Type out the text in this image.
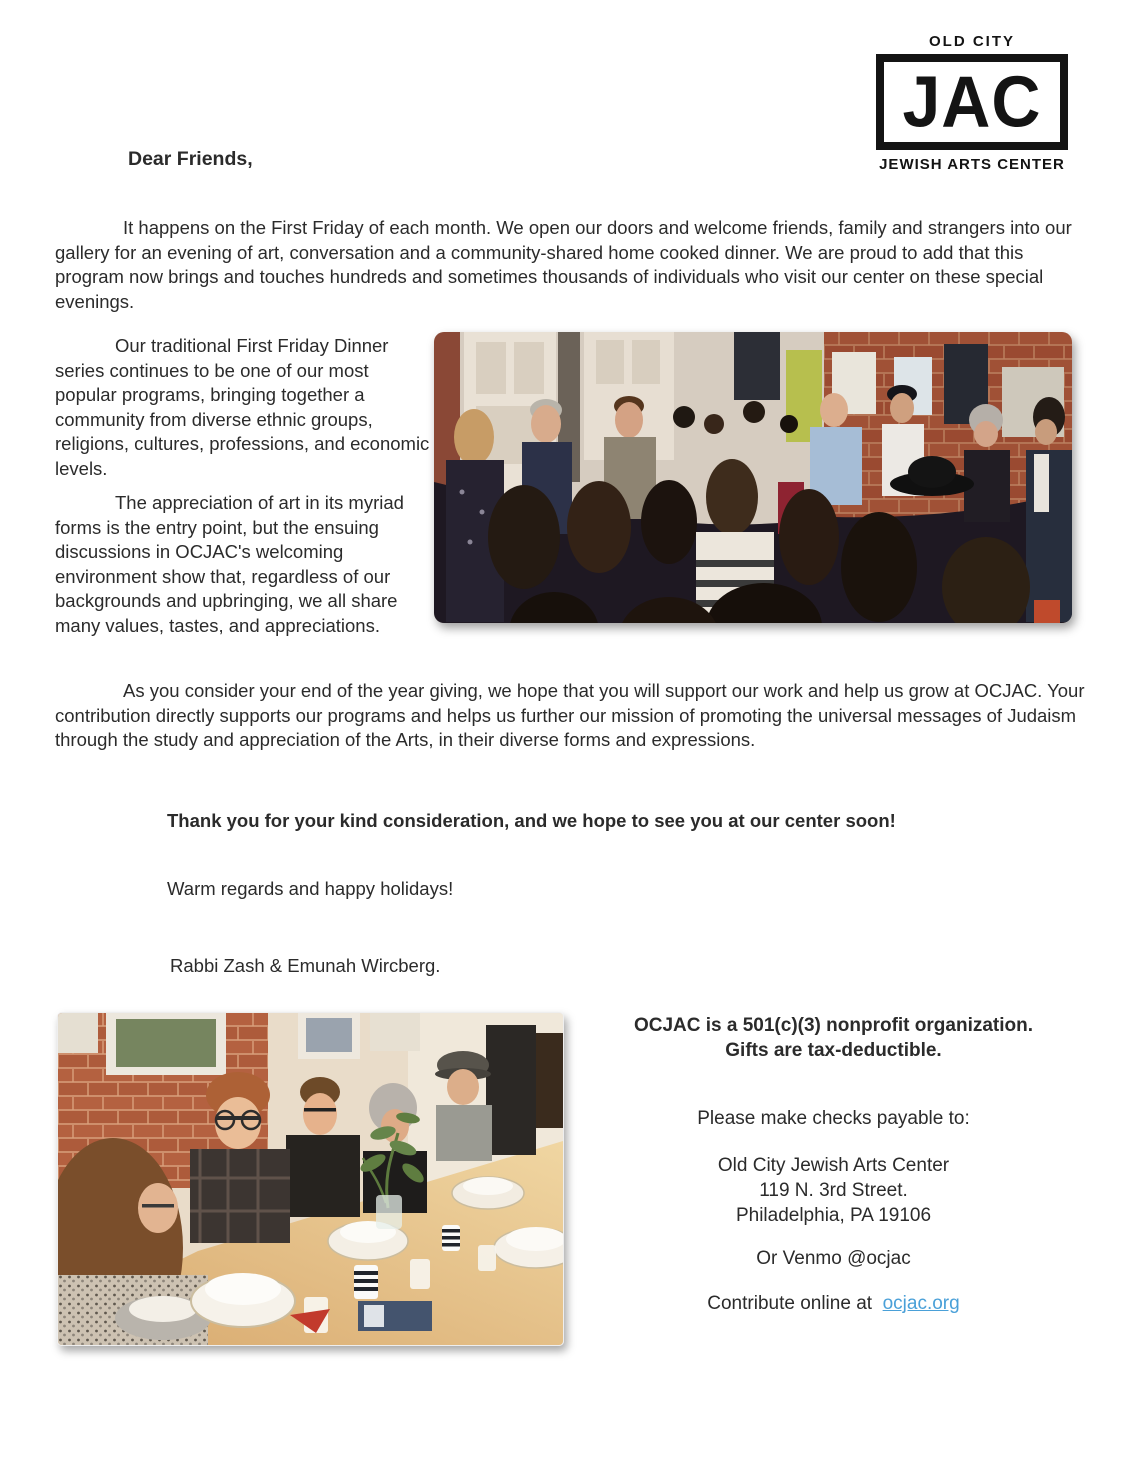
OLD CITY
JAC
JEWISH ARTS CENTER
Dear Friends,

It happens on the First Friday of each month. We open our doors and welcome friends, family and strangers into our gallery for an evening of art, conversation and a community-shared home cooked dinner. We are proud to add that this program now brings and touches hundreds and sometimes thousands of individuals who visit our center on these special evenings.

Our traditional First Friday Dinner series continues to be one of our most popular programs, bringing together a community from diverse ethnic groups, religions, cultures, professions, and economic levels.

The appreciation of art in its myriad forms is the entry point, but the ensuing discussions in OCJAC's welcoming environment show that, regardless of our backgrounds and upbringing, we all share many values, tastes, and appreciations.

As you consider your end of the year giving, we hope that you will support our work and help us grow at OCJAC. Your contribution directly supports our programs and helps us further our mission of promoting the universal messages of Judaism through the study and appreciation of the Arts, in their diverse forms and expressions.

Thank you for your kind consideration, and we hope to see you at our center soon!

Warm regards and happy holidays!

Rabbi Zash & Emunah Wircberg.

OCJAC is a 501(c)(3) nonprofit organization.
Gifts are tax-deductible.
Please make checks payable to:
Old City Jewish Arts Center
119 N. 3rd Street.
Philadelphia, PA 19106
Or Venmo @ocjac
Contribute online at ocjac.org
